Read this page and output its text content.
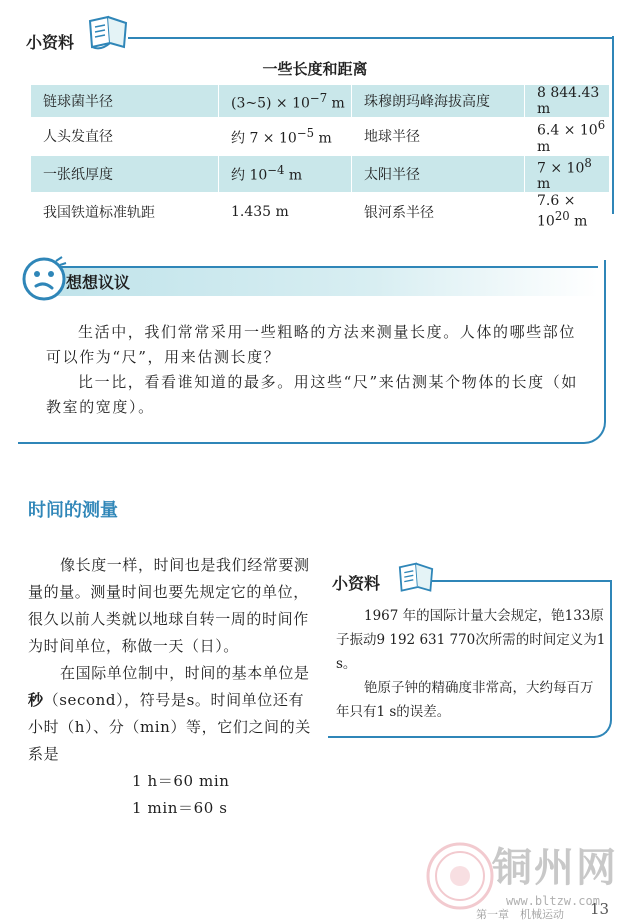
小资料
一些长度和距离
链球菌半径	(3~5) × $10^{-7}$ m	珠穆朗玛峰海拔高度	8 844.43 m
人头发直径	约 $7 \times 10^{-5}$ m	地球半径	$6.4 \times 10^6$ m
一张纸厚度	约 $10^{-4}$ m	太阳半径	$7 \times 10^8$ m
我国铁道标准轨距	1.435 m	银河系半径	$7.6 \times 10^{20}$ m
想想议议

生活中，我们常常采用一些粗略的方法来测量长度。人体的哪些部位可以作为“尺”，用来估测长度？

比一比，看看谁知道的最多。用这些“尺”来估测某个物体的长度（如教室的宽度）。

时间的测量

像长度一样，时间也是我们经常要测量的量。测量时间也要先规定它的单位，很久以前人类就以地球自转一周的时间作为时间单位，称做一天（日）。

在国际单位制中，时间的基本单位是秒（second），符号是s。时间单位还有小时（h）、分（min）等，它们之间的关系是

1 h＝60 min

1 min＝60 s

小资料

1967 年的国际计量大会规定，铯133原子振动9 192 631 770次所需的时间定义为1 s。

铯原子钟的精确度非常高，大约每百万年只有1 s的误差。

铜州网
www.bltzw.com
第一章　机械运动 13
